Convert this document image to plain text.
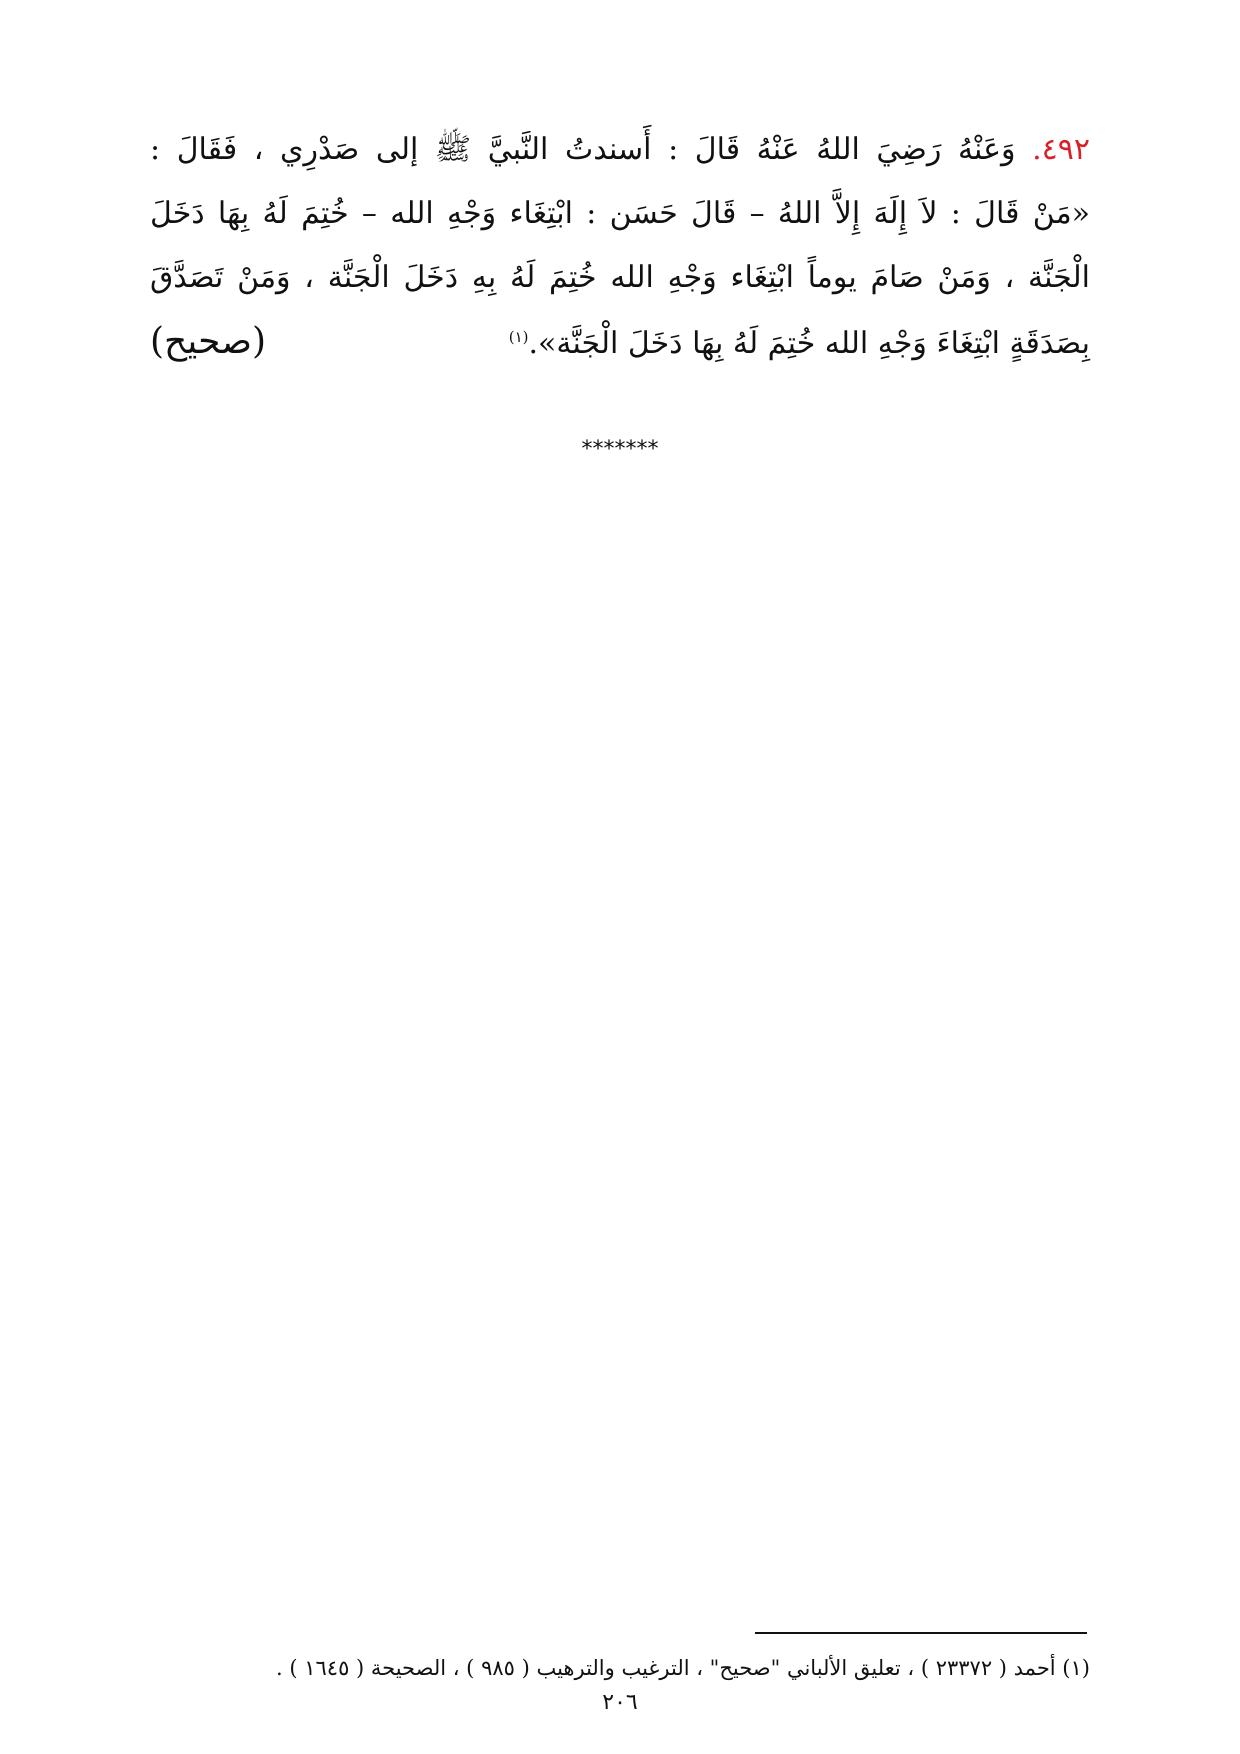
٤٩٢. وَعَنْهُ رَضِيَ اللهُ عَنْهُ قَالَ : أَسندتُ النَّبيَّ ﷺ إلى صَدْرِي ، فَقَالَ :
«مَنْ قَالَ : لاَ إِلَهَ إِلاَّ اللهُ – قَالَ حَسَن : ابْتِغَاء وَجْهِ الله – خُتِمَ لَهُ بِهَا دَخَلَ
الْجَنَّة ، وَمَنْ صَامَ يوماً ابْتِغَاء وَجْهِ الله خُتِمَ لَهُ بِهِ دَخَلَ الْجَنَّة ، وَمَنْ تَصَدَّقَ
بِصَدَقَةٍ ابْتِغَاءَ وَجْهِ الله خُتِمَ لَهُ بِهَا دَخَلَ الْجَنَّة».$^{(١)}$
(صحيح)
*******
(١) أحمد ( ٢٣٣٧٢ ) ، تعليق الألباني "صحيح" ، الترغيب والترهيب ( ٩٨٥ ) ، الصحيحة ( ١٦٤٥ ) .
٢٠٦
